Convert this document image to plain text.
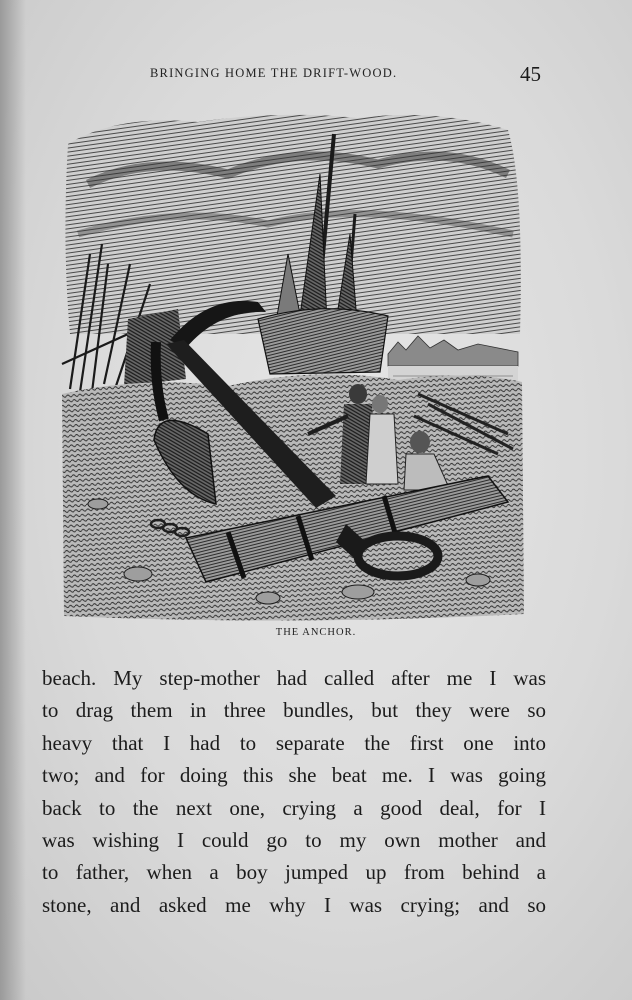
BRINGING HOME THE DRIFT-WOOD.	45
THE ANCHOR.
beach. My step-mother had called after me I was
to drag them in three bundles, but they were so
heavy that I had to separate the first one into
two; and for doing this she beat me. I was going
back to the next one, crying a good deal, for I
was wishing I could go to my own mother and
to father, when a boy jumped up from behind a
stone, and asked me why I was crying; and so
